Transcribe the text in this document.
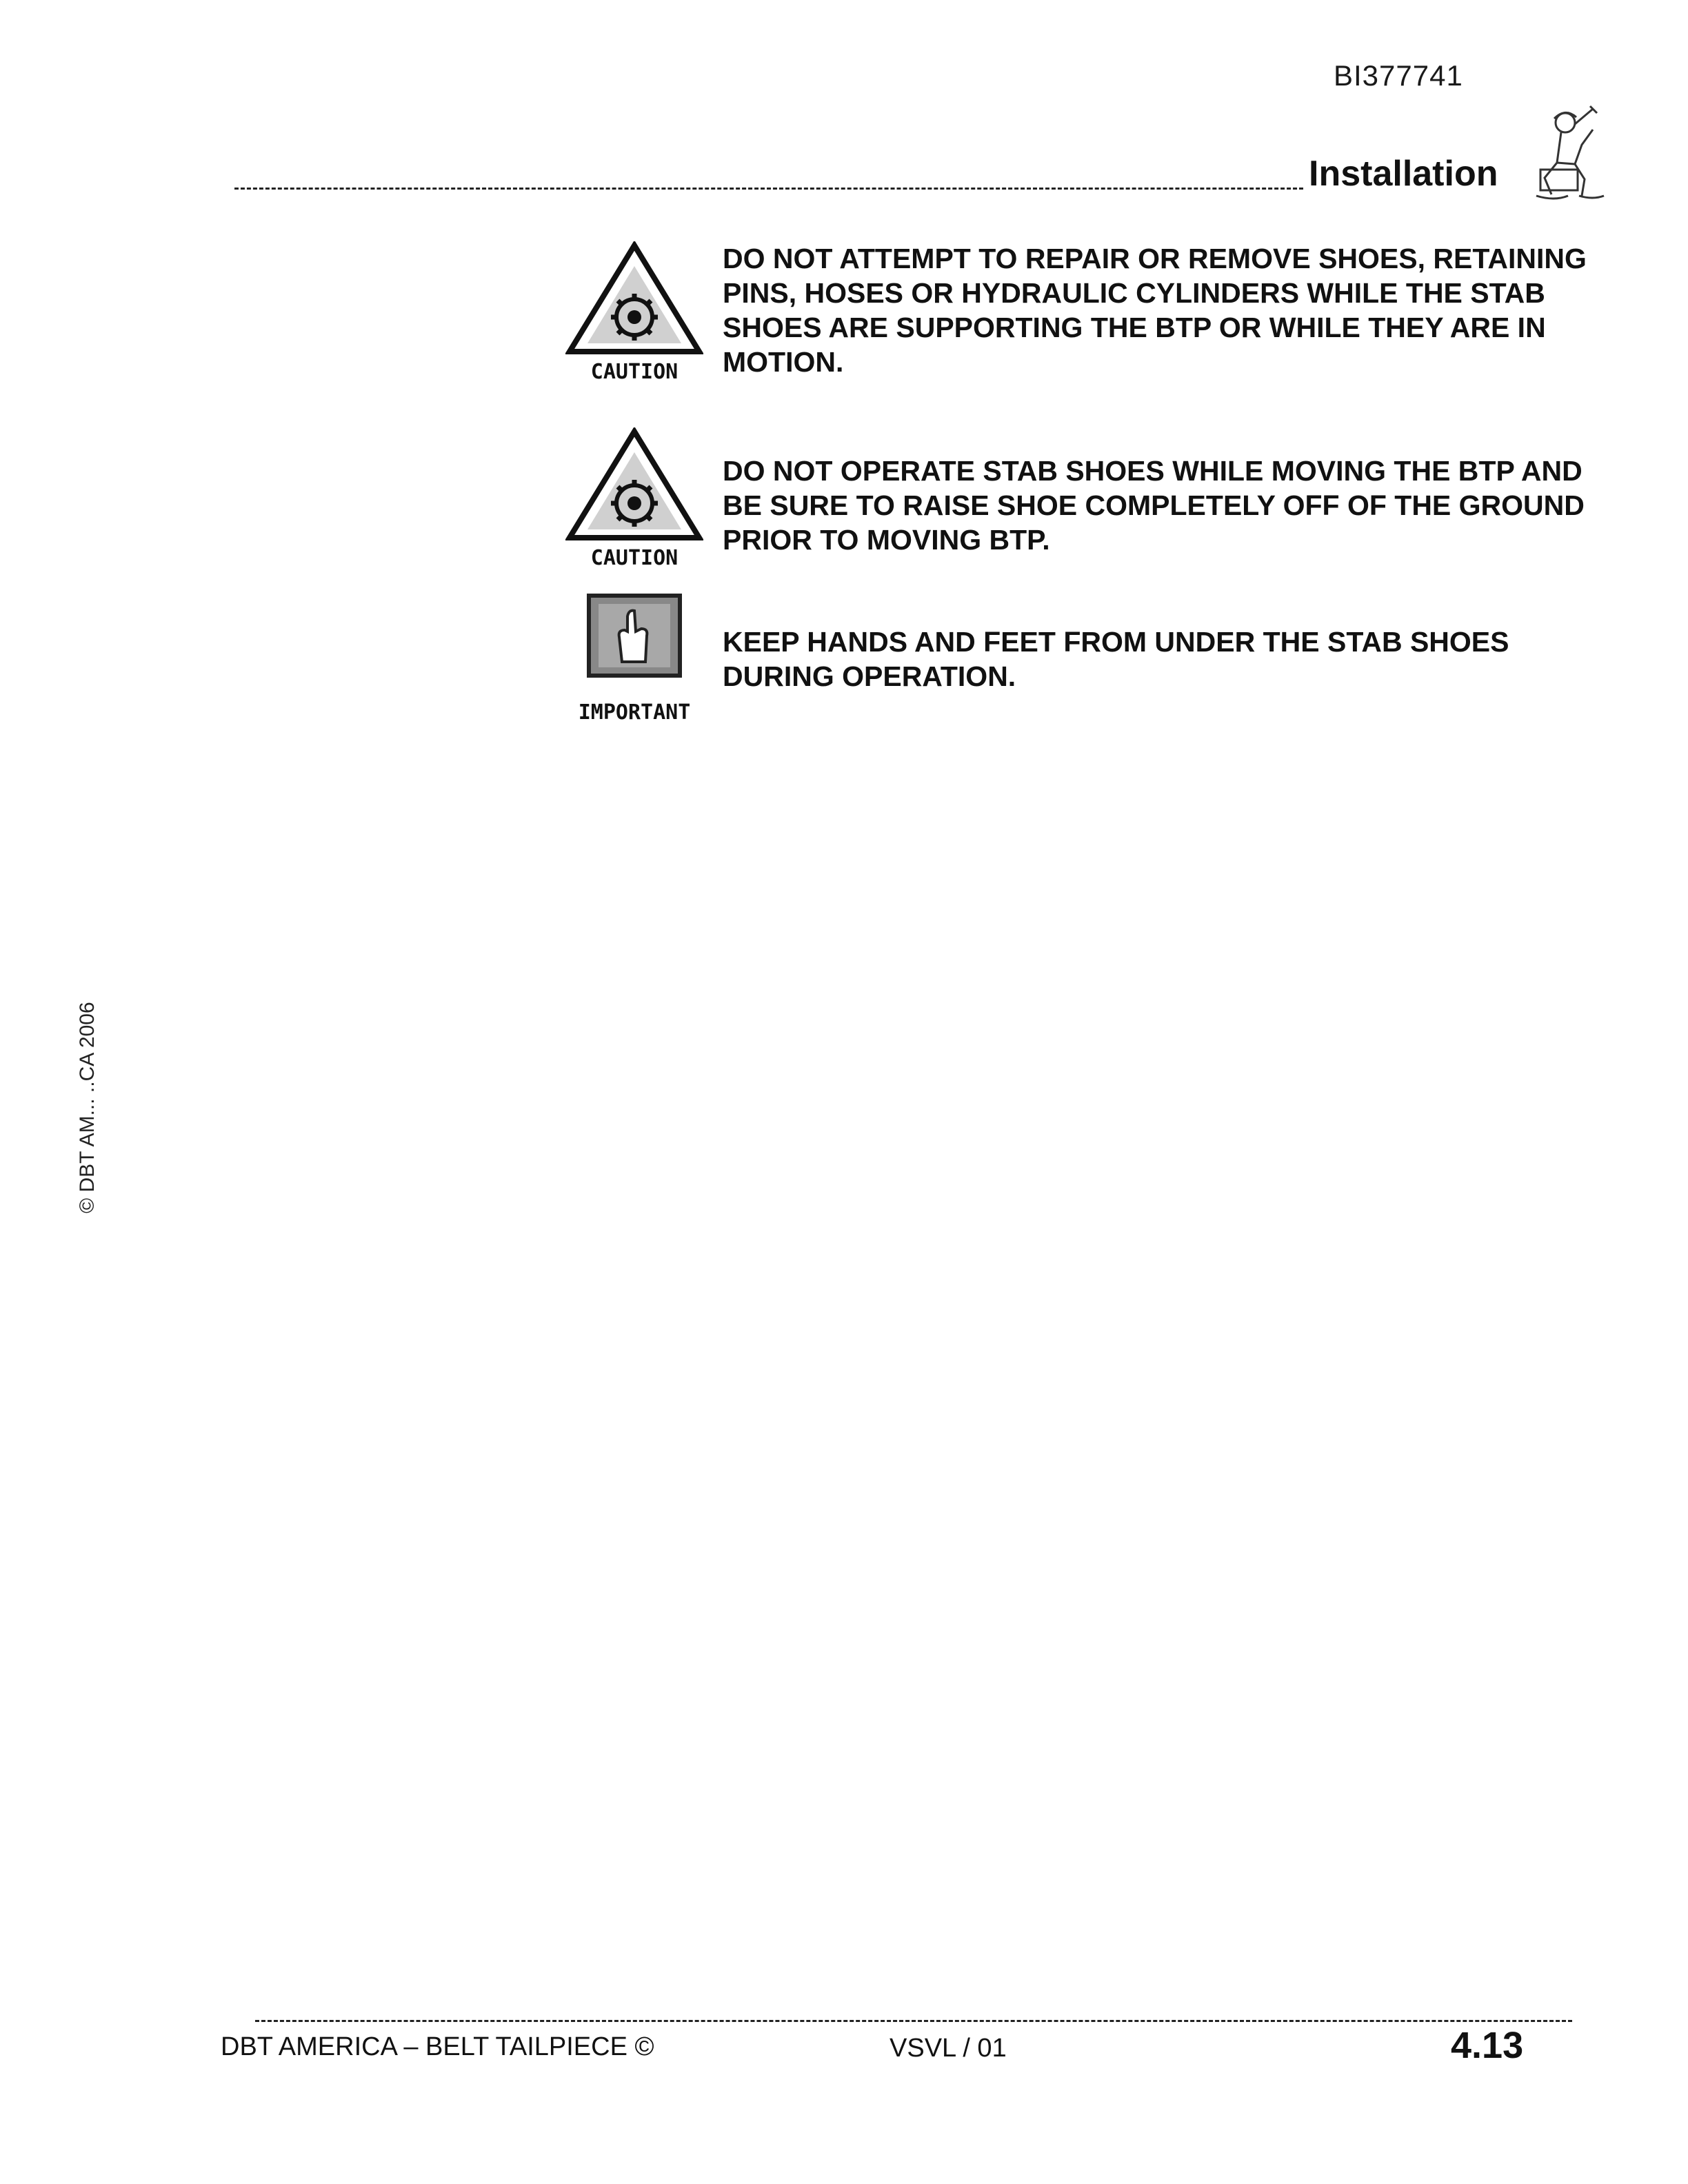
BI377741
Installation
CAUTION
DO NOT ATTEMPT TO REPAIR OR REMOVE SHOES, RETAINING PINS, HOSES OR HYDRAULIC CYLINDERS WHILE THE STAB SHOES ARE SUPPORTING THE BTP OR WHILE THEY ARE IN MOTION.
CAUTION
DO NOT OPERATE STAB SHOES WHILE MOVING THE BTP AND BE SURE TO RAISE SHOE COMPLETELY OFF OF THE GROUND PRIOR TO MOVING BTP.
IMPORTANT
KEEP HANDS AND FEET FROM UNDER THE STAB SHOES DURING OPERATION.
© DBT AM... ..CA 2006
DBT AMERICA – BELT TAILPIECE ©	VSVL / 01	4.13
